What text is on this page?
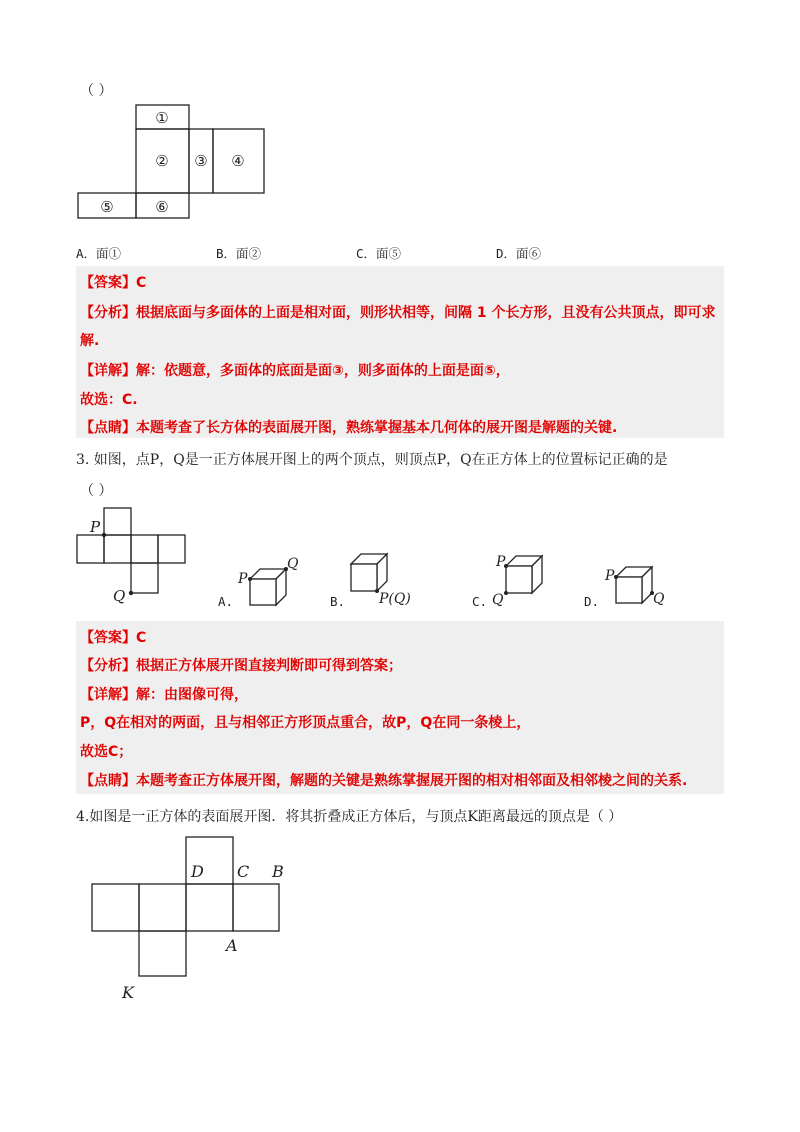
（ ）
①
② ③ ④
⑤	⑥
A．面①	B．面②	C．面⑤	D．面⑥
【答案】C
【分析】根据底面与多面体的上面是相对面，则形状相等，间隔 1 个长方形，且没有公共顶点，即可求
解.
【详解】解：依题意，多面体的底面是面③，则多面体的上面是面⑤，
故选：C.
【点睛】本题考查了长方体的表面展开图，熟练掌握基本几何体的展开图是解题的关键.
3. 如图，点P，Q是一正方体展开图上的两个顶点，则顶点P，Q在正方体上的位置标记正确的是
（ ）
P
Q
P
Q
A.	P(Q)
B.
P
Q
C.
P
Q
D.
【答案】C
【分析】根据正方体展开图直接判断即可得到答案；
【详解】解：由图像可得，
P，Q在相对的两面，且与相邻正方形顶点重合，故P，Q在同一条棱上，
故选C；
【点睛】本题考查正方体展开图，解题的关键是熟练掌握展开图的相对相邻面及相邻棱之间的关系.
4.如图是一正方体的表面展开图．将其折叠成正方体后，与顶点K距离最远的顶点是（ ）
D C B
A
K
